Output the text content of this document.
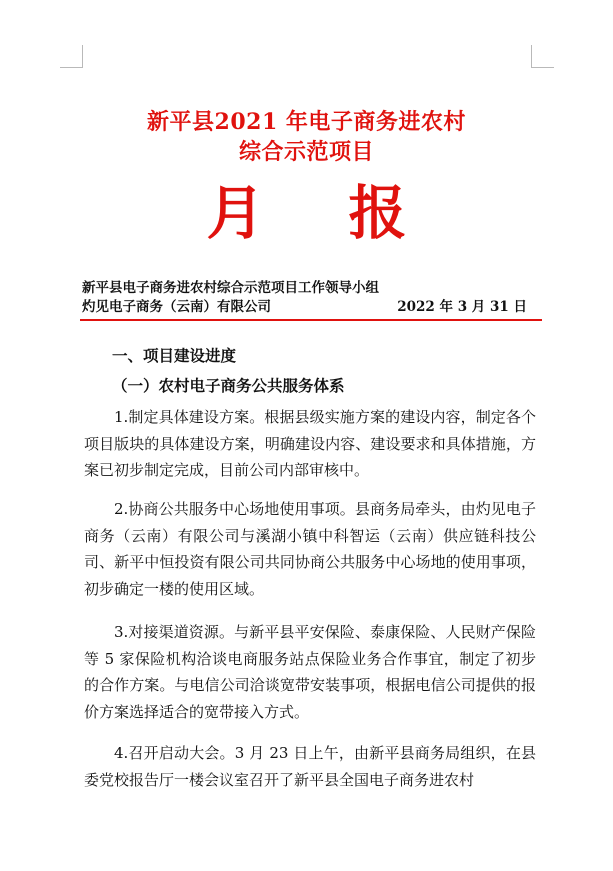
新平县2021 年电子商务进农村
综合示范项目
月 报
新平县电子商务进农村综合示范项目工作领导小组
灼见电子商务（云南）有限公司	2022 年 3 月 31 日
一、项目建设进度
（一）农村电子商务公共服务体系

1.制定具体建设方案。根据县级实施方案的建设内容，制定各个项目版块的具体建设方案，明确建设内容、建设要求和具体措施，方案已初步制定完成，目前公司内部审核中。

2.协商公共服务中心场地使用事项。县商务局牵头，由灼见电子商务（云南）有限公司与溪湖小镇中科智运（云南）供应链科技公司、新平中恒投资有限公司共同协商公共服务中心场地的使用事项，初步确定一楼的使用区域。

3.对接渠道资源。与新平县平安保险、泰康保险、人民财产保险等 5 家保险机构洽谈电商服务站点保险业务合作事宜，制定了初步的合作方案。与电信公司洽谈宽带安装事项，根据电信公司提供的报价方案选择适合的宽带接入方式。

4.召开启动大会。3 月 23 日上午，由新平县商务局组织，在县委党校报告厅一楼会议室召开了新平县全国电子商务进农村
